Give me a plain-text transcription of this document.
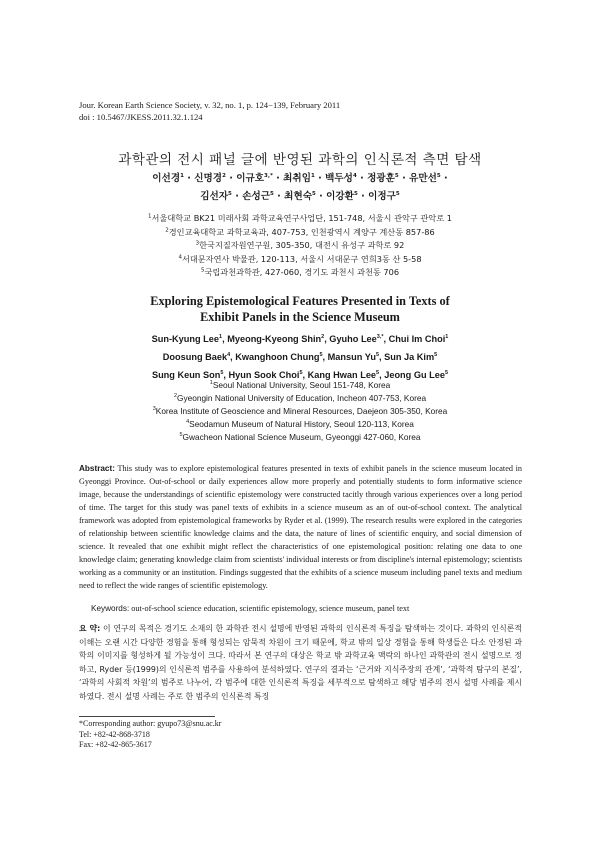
Jour. Korean Earth Science Society, v. 32, no. 1, p. 124−139, February 2011
doi : 10.5467/JKESS.2011.32.1.124
과학관의 전시 패널 글에 반영된 과학의 인식론적 측면 탐색
이선경$^1$ · 신명경$^2$ · 이규호$^{3,*}$ · 최취임$^1$ · 백두성$^4$ · 정광훈$^5$ · 유만선$^5$ ·
김선자$^5$ · 손성근$^5$ · 최현숙$^5$ · 이강환$^5$ · 이정구$^5$
$^1$서울대학교 BK21 미래사회 과학교육연구사업단, 151-748, 서울시 관악구 관악로 1
$^2$경인교육대학교 과학교육과, 407-753, 인천광역시 계양구 계산동 857-86
$^3$한국지질자원연구원, 305-350, 대전시 유성구 과학로 92
$^4$서대문자연사 박물관, 120-113, 서울시 서대문구 연희3동 산 5-58
$^5$국립과천과학관, 427-060, 경기도 과천시 과천동 706
Exploring Epistemological Features Presented in Texts of
Exhibit Panels in the Science Museum
Sun-Kyung Lee$^1$, Myeong-Kyeong Shin$^2$, Gyuho Lee$^{3,*}$, Chui Im Choi$^1$
Doosung Baek$^4$, Kwanghoon Chung$^5$, Mansun Yu$^5$, Sun Ja Kim$^5$
Sung Keun Son$^5$, Hyun Sook Choi$^5$, Kang Hwan Lee$^5$, Jeong Gu Lee$^5$
$^1$Seoul National University, Seoul 151-748, Korea
$^2$Gyeongin National University of Education, Incheon 407-753, Korea
$^3$Korea Institute of Geoscience and Mineral Resources, Daejeon 305-350, Korea
$^4$Seodamun Museum of Natural History, Seoul 120-113, Korea
$^5$Gwacheon National Science Museum, Gyeonggi 427-060, Korea
Abstract: This study was to explore epistemological features presented in texts of exhibit panels in the science museum located in Gyeonggi Province. Out-of-school or daily experiences allow more properly and potentially students to form informative science image, because the understandings of scientific epistemology were constructed tacitly through various experiences over a long period of time. The target for this study was panel texts of exhibits in a science museum as an of out-of-school context. The analytical framework was adopted from epistemological frameworks by Ryder et al. (1999). The research results were explored in the categories of relationship between scientific knowledge claims and the data, the nature of lines of scientific enquiry, and social dimension of science. It revealed that one exhibit might reflect the characteristics of one epistemological position: relating one data to one knowledge claim; generating knowledge claim from scientists' individual interests or from discipline's internal epistemology; scientists working as a community or an institution. Findings suggested that the exhibits of a science museum including panel texts and medium need to reflect the wide ranges of scientific epistemology.
Keywords: out-of-school science education, scientific epistemology, science museum, panel text
요 약: 이 연구의 목적은 경기도 소재의 한 과학관 전시 설명에 반영된 과학의 인식론적 특징을 탐색하는 것이다. 과학의 인식론적 이해는 오랜 시간 다양한 경험을 통해 형성되는 암묵적 차원이 크기 때문에, 학교 밖의 일상 경험을 통해 학생들은 다소 안정된 과학의 이미지를 형성하게 될 가능성이 크다. 따라서 본 연구의 대상은 학교 밖 과학교육 맥락의 하나인 과학관의 전시 설명으로 정하고, Ryder 등(1999)의 인식론적 범주를 사용하여 분석하였다. 연구의 결과는 ‘근거와 지식주장의 관계’, ‘과학적 탐구의 본질’, ‘과학의 사회적 차원’의 범주로 나누어, 각 범주에 대한 인식론적 특징을 세부적으로 탐색하고 해당 범주의 전시 설명 사례를 제시하였다. 전시 설명 사례는 주로 한 범주의 인식론적 특징
*Corresponding author: gyupo73@snu.ac.kr
Tel: +82-42-868-3718
Fax: +82-42-865-3617
